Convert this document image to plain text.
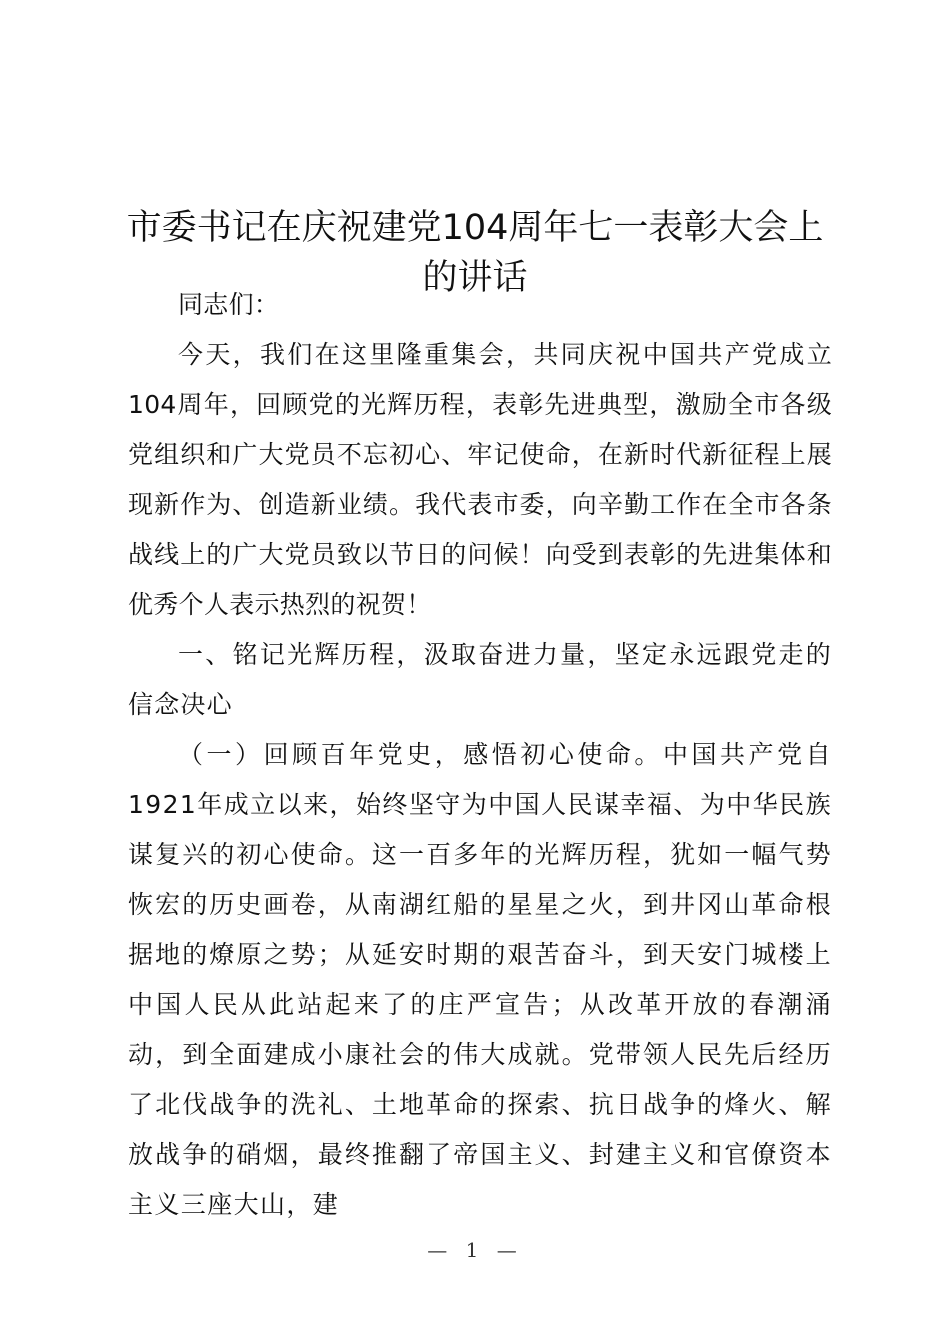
市委书记在庆祝建党104周年七一表彰大会上的讲话

同志们：

今天，我们在这里隆重集会，共同庆祝中国共产党成立104周年，回顾党的光辉历程，表彰先进典型，激励全市各级党组织和广大党员不忘初心、牢记使命，在新时代新征程上展现新作为、创造新业绩。我代表市委，向辛勤工作在全市各条战线上的广大党员致以节日的问候！向受到表彰的先进集体和优秀个人表示热烈的祝贺！

一、铭记光辉历程，汲取奋进力量，坚定永远跟党走的信念决心

（一）回顾百年党史，感悟初心使命。中国共产党自1921年成立以来，始终坚守为中国人民谋幸福、为中华民族谋复兴的初心使命。这一百多年的光辉历程，犹如一幅气势恢宏的历史画卷，从南湖红船的星星之火，到井冈山革命根据地的燎原之势；从延安时期的艰苦奋斗，到天安门城楼上中国人民从此站起来了的庄严宣告；从改革开放的春潮涌动，到全面建成小康社会的伟大成就。党带领人民先后经历了北伐战争的洗礼、土地革命的探索、抗日战争的烽火、解放战争的硝烟，最终推翻了帝国主义、封建主义和官僚资本主义三座大山，建

— 1 —
